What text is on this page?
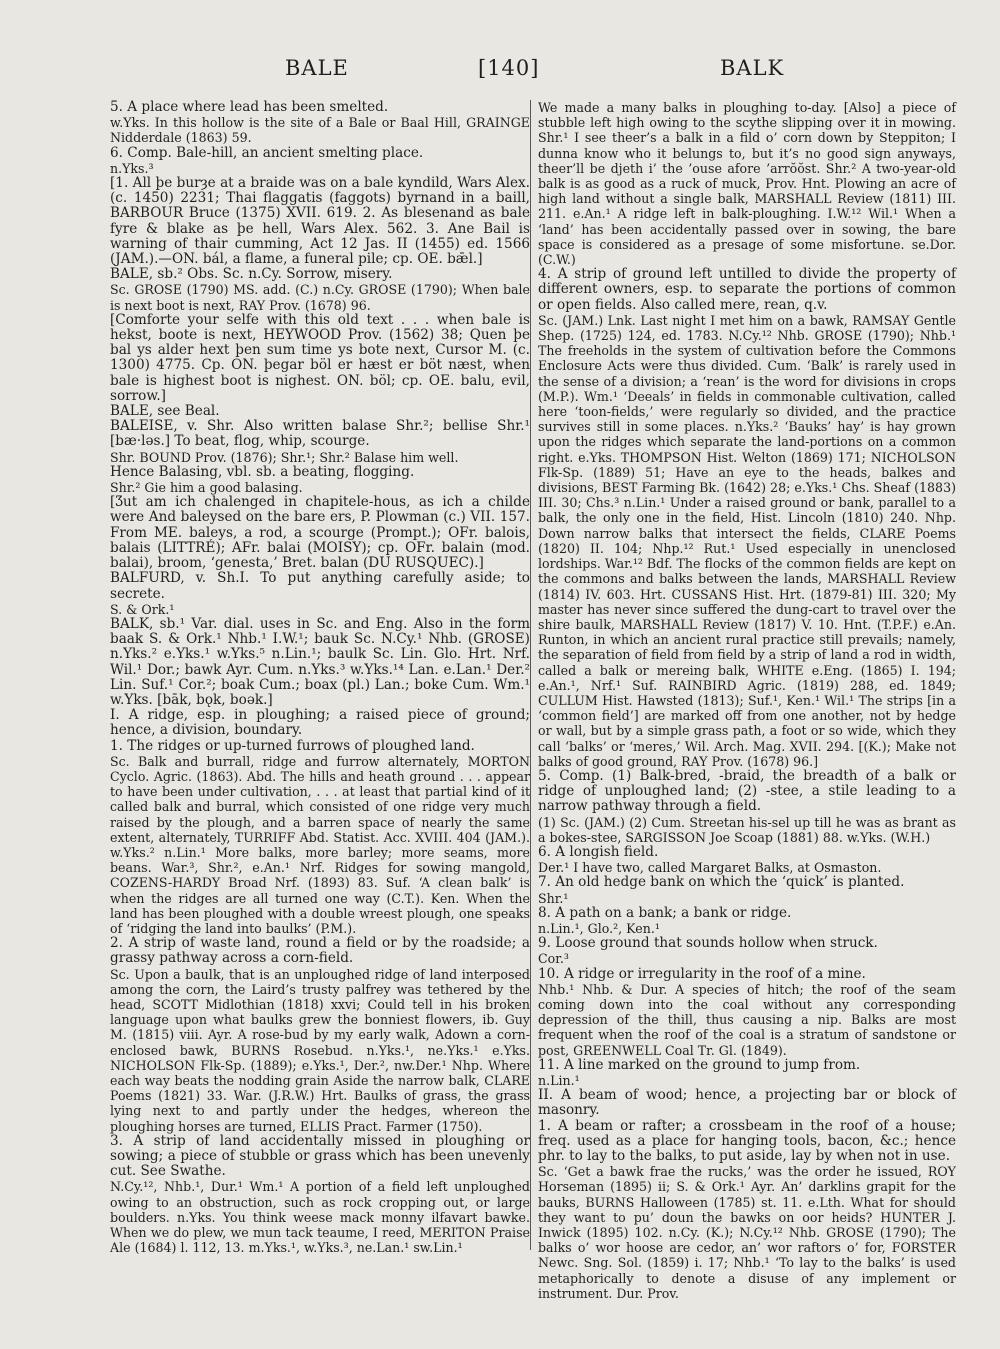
BALE	[140]	BALK

5. A place where lead has been smelted.

w.Yks. In this hollow is the site of a Bale or Baal Hill, GRAINGE Nidderdale (1863) 59.

6. Comp. Bale-hill, an ancient smelting place.

n.Yks.³

[1. All þe burȝe at a braide was on a bale kyndild, Wars Alex. (c. 1450) 2231; Thai flaggatis (faggots) byrnand in a baill, BARBOUR Bruce (1375) XVII. 619. 2. As blesenand as bale fyre & blake as þe hell, Wars Alex. 562. 3. Ane Bail is warning of thair cumming, Act 12 Jas. II (1455) ed. 1566 (JAM.).—ON. bál, a flame, a funeral pile; cp. OE. bǣl.]

BALE, sb.² Obs. Sc. n.Cy. Sorrow, misery.

Sc. GROSE (1790) MS. add. (C.) n.Cy. GROSE (1790); When bale is next boot is next, RAY Prov. (1678) 96.

[Comforte your selfe with this old text . . . when bale is hekst, boote is next, HEYWOOD Prov. (1562) 38; Quen þe bal ys alder hext þen sum time ys bote next, Cursor M. (c. 1300) 4775. Cp. ON. þegar böl er hæst er böt næst, when bale is highest boot is nighest. ON. böl; cp. OE. balu, evil, sorrow.]

BALE, see Beal.

BALEISE, v. Shr. Also written balase Shr.²; bellise Shr.¹ [bæ·ləs.] To beat, flog, whip, scourge.

Shr. BOUND Prov. (1876); Shr.¹; Shr.² Balase him well.

Hence Balasing, vbl. sb. a beating, flogging.

Shr.² Gie him a good balasing.

[Ʒut am ich chalenged in chapitele-hous, as ich a childe were And baleysed on the bare ers, P. Plowman (c.) VII. 157. From ME. baleys, a rod, a scourge (Prompt.); OFr. balois, balais (LITTRÉ); AFr. balai (MOISY); cp. OFr. balain (mod. balai), broom, ‘genesta,’ Bret. balan (DU RUSQUEC).]

BALFURD, v. Sh.I. To put anything carefully aside; to secrete.

S. & Ork.¹

BALK, sb.¹ Var. dial. uses in Sc. and Eng. Also in the form baak S. & Ork.¹ Nhb.¹ I.W.¹; bauk Sc. N.Cy.¹ Nhb. (GROSE) n.Yks.² e.Yks.¹ w.Yks.⁵ n.Lin.¹; baulk Sc. Lin. Glo. Hrt. Nrf. Wil.¹ Dor.; bawk Ayr. Cum. n.Yks.³ w.Yks.¹⁴ Lan. e.Lan.¹ Der.² Lin. Suf.¹ Cor.²; boak Cum.; boax (pl.) Lan.; boke Cum. Wm.¹ w.Yks. [bāk, bǫk, boək.]

I. A ridge, esp. in ploughing; a raised piece of ground; hence, a division, boundary.

1. The ridges or up-turned furrows of ploughed land.

Sc. Balk and burrall, ridge and furrow alternately, MORTON Cyclo. Agric. (1863). Abd. The hills and heath ground . . . appear to have been under cultivation, . . . at least that partial kind of it called balk and burral, which consisted of one ridge very much raised by the plough, and a barren space of nearly the same extent, alternately, TURRIFF Abd. Statist. Acc. XVIII. 404 (JAM.). w.Yks.² n.Lin.¹ More balks, more barley; more seams, more beans. War.³, Shr.², e.An.¹ Nrf. Ridges for sowing mangold, COZENS-HARDY Broad Nrf. (1893) 83. Suf. ‘A clean balk’ is when the ridges are all turned one way (C.T.). Ken. When the land has been ploughed with a double wreest plough, one speaks of ‘ridging the land into baulks’ (P.M.).

2. A strip of waste land, round a field or by the roadside; a grassy pathway across a corn-field.

Sc. Upon a baulk, that is an unploughed ridge of land interposed among the corn, the Laird’s trusty palfrey was tethered by the head, SCOTT Midlothian (1818) xxvi; Could tell in his broken language upon what baulks grew the bonniest flowers, ib. Guy M. (1815) viii. Ayr. A rose-bud by my early walk, Adown a corn-enclosed bawk, BURNS Rosebud. n.Yks.¹, ne.Yks.¹ e.Yks. NICHOLSON Flk-Sp. (1889); e.Yks.¹, Der.², nw.Der.¹ Nhp. Where each way beats the nodding grain Aside the narrow balk, CLARE Poems (1821) 33. War. (J.R.W.) Hrt. Baulks of grass, the grass lying next to and partly under the hedges, whereon the ploughing horses are turned, ELLIS Pract. Farmer (1750).

3. A strip of land accidentally missed in ploughing or sowing; a piece of stubble or grass which has been unevenly cut. See Swathe.

N.Cy.¹², Nhb.¹, Dur.¹ Wm.¹ A portion of a field left unploughed owing to an obstruction, such as rock cropping out, or large boulders. n.Yks. You think weese mack monny ilfavart bawke. When we do plew, we mun tack teaume, I reed, MERITON Praise Ale (1684) l. 112, 13. m.Yks.¹, w.Yks.³, ne.Lan.¹ sw.Lin.¹

We made a many balks in ploughing to-day. [Also] a piece of stubble left high owing to the scythe slipping over it in mowing. Shr.¹ I see theer’s a balk in a fild o’ corn down by Steppiton; I dunna know who it belungs to, but it’s no good sign anyways, theer’ll be djeth i’ the ’ouse afore ’arrŏŏst. Shr.² A two-year-old balk is as good as a ruck of muck, Prov. Hnt. Plowing an acre of high land without a single balk, MARSHALL Review (1811) III. 211. e.An.¹ A ridge left in balk-ploughing. I.W.¹² Wil.¹ When a ‘land’ has been accidentally passed over in sowing, the bare space is considered as a presage of some misfortune. se.Dor. (C.W.)

4. A strip of ground left untilled to divide the property of different owners, esp. to separate the portions of common or open fields. Also called mere, rean, q.v.

Sc. (JAM.) Lnk. Last night I met him on a bawk, RAMSAY Gentle Shep. (1725) 124, ed. 1783. N.Cy.¹² Nhb. GROSE (1790); Nhb.¹ The freeholds in the system of cultivation before the Commons Enclosure Acts were thus divided. Cum. ‘Balk’ is rarely used in the sense of a division; a ‘rean’ is the word for divisions in crops (M.P.). Wm.¹ ‘Deeals’ in fields in commonable cultivation, called here ‘toon-fields,’ were regularly so divided, and the practice survives still in some places. n.Yks.² ‘Bauks’ hay’ is hay grown upon the ridges which separate the land-portions on a common right. e.Yks. THOMPSON Hist. Welton (1869) 171; NICHOLSON Flk-Sp. (1889) 51; Have an eye to the heads, balkes and divisions, BEST Farming Bk. (1642) 28; e.Yks.¹ Chs. Sheaf (1883) III. 30; Chs.³ n.Lin.¹ Under a raised ground or bank, parallel to a balk, the only one in the field, Hist. Lincoln (1810) 240. Nhp. Down narrow balks that intersect the fields, CLARE Poems (1820) II. 104; Nhp.¹² Rut.¹ Used especially in unenclosed lordships. War.¹² Bdf. The flocks of the common fields are kept on the commons and balks between the lands, MARSHALL Review (1814) IV. 603. Hrt. CUSSANS Hist. Hrt. (1879-81) III. 320; My master has never since suffered the dung-cart to travel over the shire baulk, MARSHALL Review (1817) V. 10. Hnt. (T.P.F.) e.An. Runton, in which an ancient rural practice still prevails; namely, the separation of field from field by a strip of land a rod in width, called a balk or mereing balk, WHITE e.Eng. (1865) I. 194; e.An.¹, Nrf.¹ Suf. RAINBIRD Agric. (1819) 288, ed. 1849; CULLUM Hist. Hawsted (1813); Suf.¹, Ken.¹ Wil.¹ The strips [in a ‘common field’] are marked off from one another, not by hedge or wall, but by a simple grass path, a foot or so wide, which they call ‘balks’ or ‘meres,’ Wil. Arch. Mag. XVII. 294. [(K.); Make not balks of good ground, RAY Prov. (1678) 96.]

5. Comp. (1) Balk-bred, -braid, the breadth of a balk or ridge of unploughed land; (2) -stee, a stile leading to a narrow pathway through a field.

(1) Sc. (JAM.) (2) Cum. Streetan his-sel up till he was as brant as a bokes-stee, SARGISSON Joe Scoap (1881) 88. w.Yks. (W.H.)

6. A longish field.

Der.¹ I have two, called Margaret Balks, at Osmaston.

7. An old hedge bank on which the ‘quick’ is planted.

Shr.¹

8. A path on a bank; a bank or ridge.

n.Lin.¹, Glo.², Ken.¹

9. Loose ground that sounds hollow when struck.

Cor.³

10. A ridge or irregularity in the roof of a mine.

Nhb.¹ Nhb. & Dur. A species of hitch; the roof of the seam coming down into the coal without any corresponding depression of the thill, thus causing a nip. Balks are most frequent when the roof of the coal is a stratum of sandstone or post, GREENWELL Coal Tr. Gl. (1849).

11. A line marked on the ground to jump from.

n.Lin.¹

II. A beam of wood; hence, a projecting bar or block of masonry.

1. A beam or rafter; a crossbeam in the roof of a house; freq. used as a place for hanging tools, bacon, &c.; hence phr. to lay to the balks, to put aside, lay by when not in use.

Sc. ‘Get a bawk frae the rucks,’ was the order he issued, ROY Horseman (1895) ii; S. & Ork.¹ Ayr. An’ darklins grapit for the bauks, BURNS Halloween (1785) st. 11. e.Lth. What for should they want to pu’ doun the bawks on oor heids? HUNTER J. Inwick (1895) 102. n.Cy. (K.); N.Cy.¹² Nhb. GROSE (1790); The balks o’ wor hoose are cedor, an’ wor raftors o’ for, FORSTER Newc. Sng. Sol. (1859) i. 17; Nhb.¹ ‘To lay to the balks’ is used metaphorically to denote a disuse of any implement or instrument. Dur. Prov.
